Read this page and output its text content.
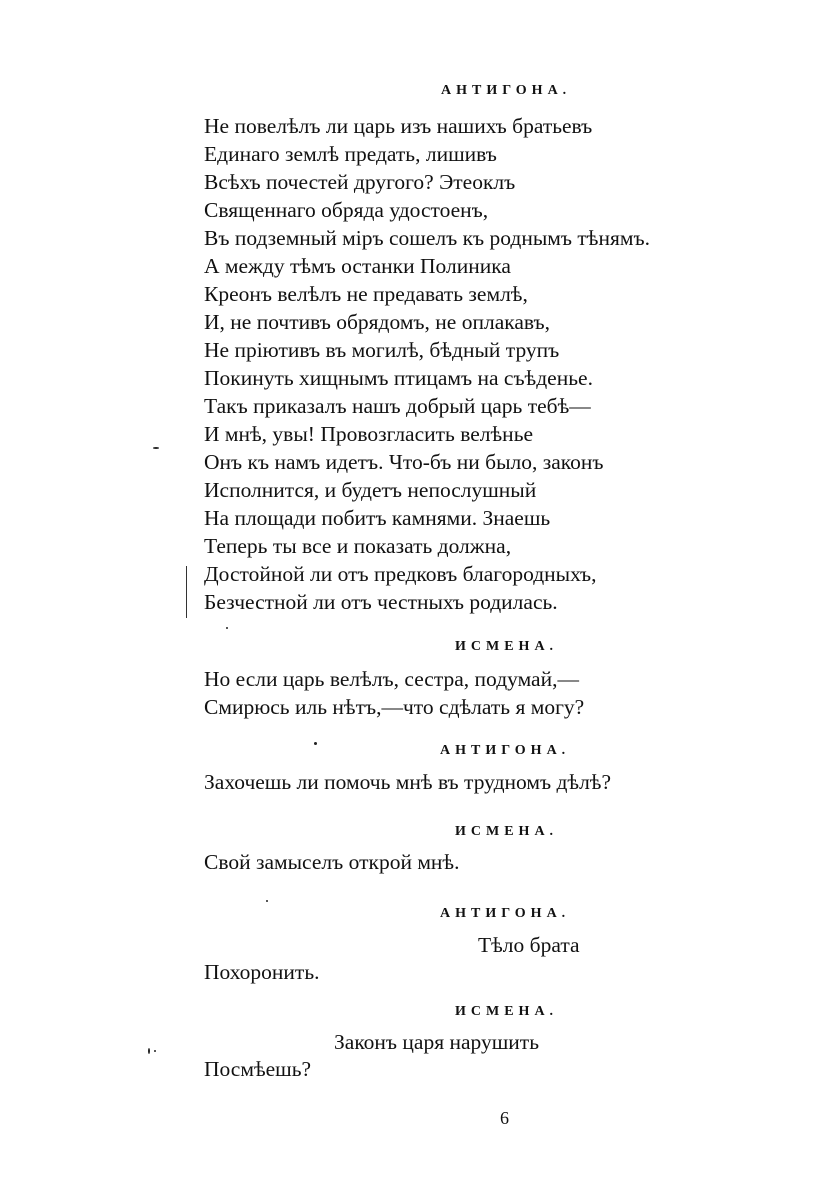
АНТИГОНА.
Не повелѣлъ ли царь изъ нашихъ братьевъ
Единаго землѣ предать, лишивъ
Всѣхъ почестей другого? Этеоклъ
Священнаго обряда удостоенъ,
Въ подземный міръ сошелъ къ роднымъ тѣнямъ.
А между тѣмъ останки Полиника
Креонъ велѣлъ не предавать землѣ,
И, не почтивъ обрядомъ, не оплакавъ,
Не пріютивъ въ могилѣ, бѣдный трупъ
Покинуть хищнымъ птицамъ на съѣденье.
Такъ приказалъ нашъ добрый царь тебѣ—
И мнѣ, увы! Провозгласить велѣнье
Онъ къ намъ идетъ. Что-бъ ни было, законъ
Исполнится, и будетъ непослушный
На площади побитъ камнями. Знаешь
Теперь ты все и показать должна,
Достойной ли отъ предковъ благородныхъ,
Безчестной ли отъ честныхъ родилась.
ИСМЕНА.
Но если царь велѣлъ, сестра, подумай,—
Смирюсь иль нѣтъ,—что сдѣлать я могу?
АНТИГОНА.
Захочешь ли помочь мнѣ въ трудномъ дѣлѣ?
ИСМЕНА.
Свой замыселъ открой мнѣ.
АНТИГОНА.
Тѣло брата
Похоронить.
ИСМЕНА.
Законъ царя нарушить
Посмѣешь?
6
